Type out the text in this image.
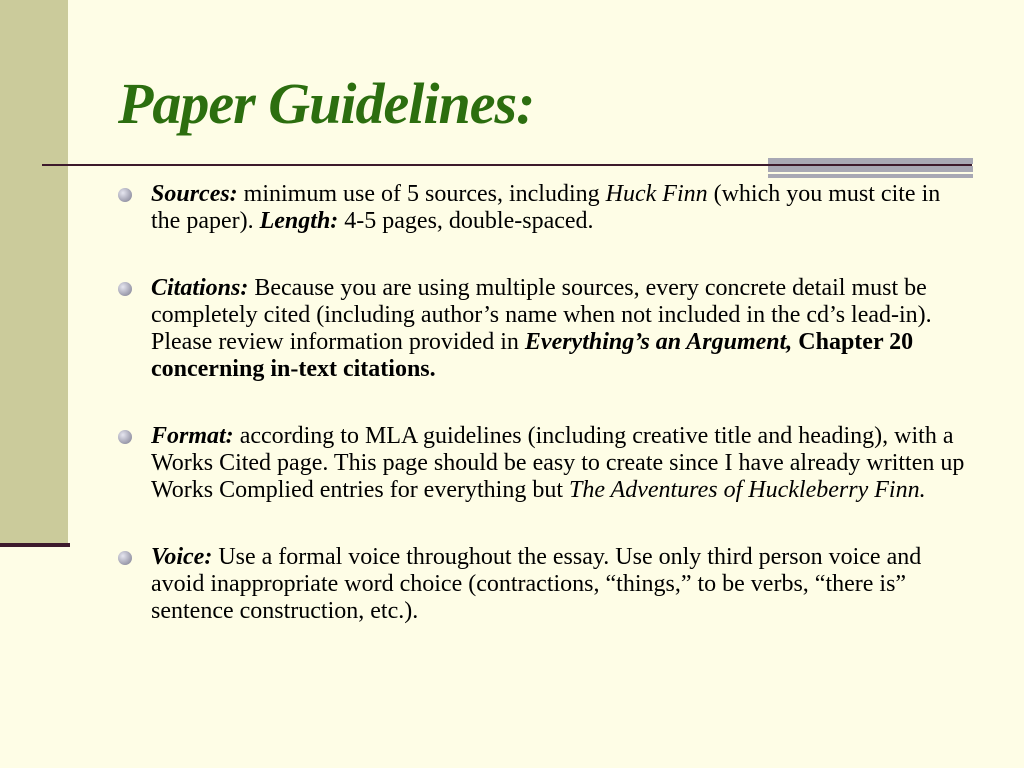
Paper Guidelines:
Sources: minimum use of 5 sources, including Huck Finn (which you must cite in the paper). Length: 4-5 pages, double-spaced.
Citations: Because you are using multiple sources, every concrete detail must be completely cited (including author’s name when not included in the cd’s lead-in). Please review information provided in Everything’s an Argument, Chapter 20 concerning in-text citations.
Format: according to MLA guidelines (including creative title and heading), with a Works Cited page. This page should be easy to create since I have already written up Works Complied entries for everything but The Adventures of Huckleberry Finn.
Voice: Use a formal voice throughout the essay. Use only third person voice and avoid inappropriate word choice (contractions, “things,” to be verbs, “there is” sentence construction, etc.).
